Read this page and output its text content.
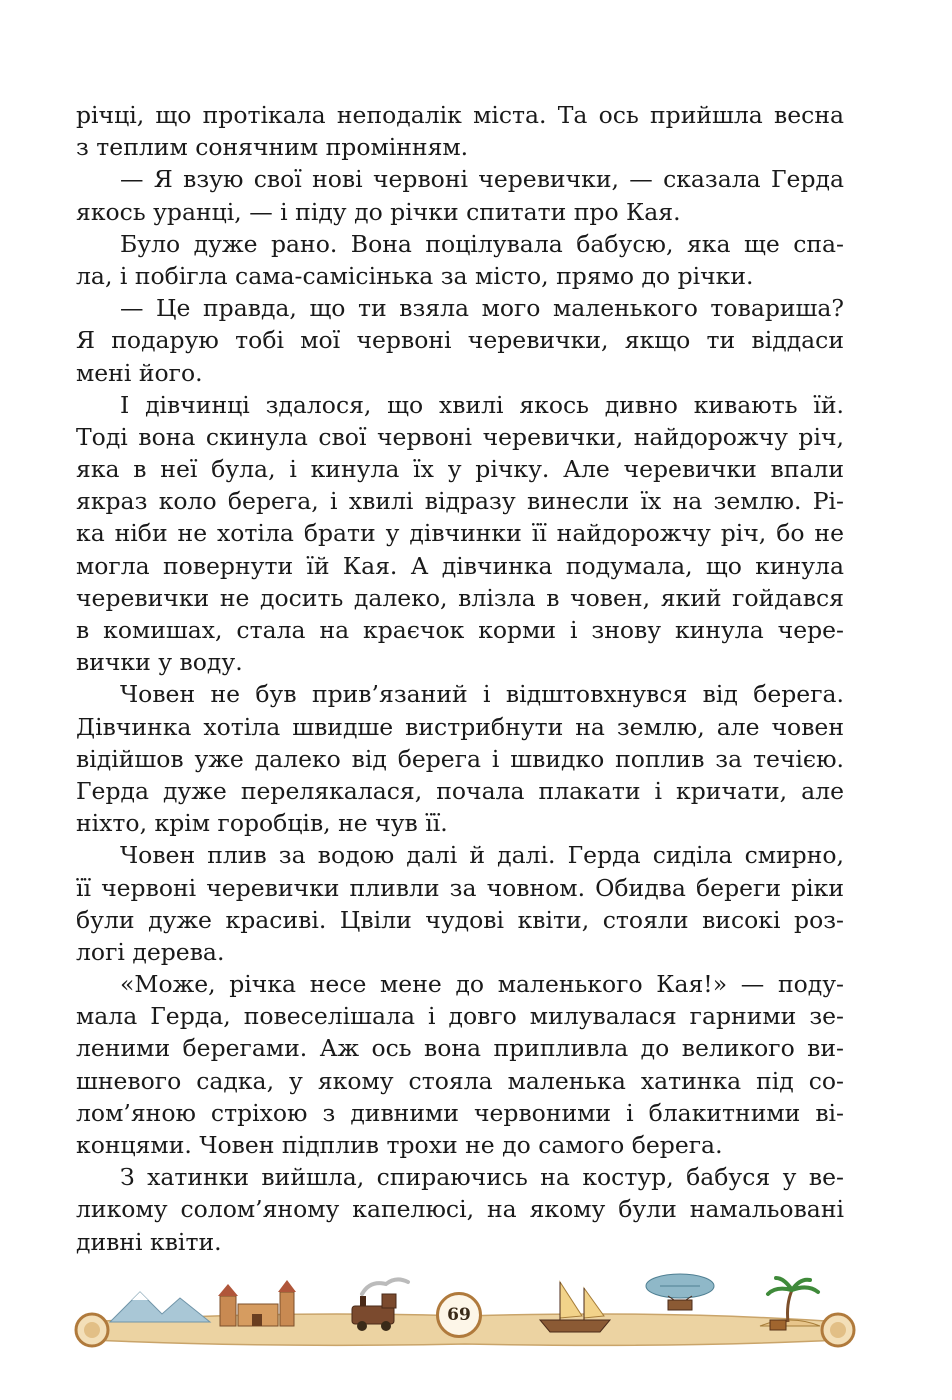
річці, що протікала неподалік міста. Та ось прийшла весна
з теплим сонячним промінням.
— Я взую свої нові червоні черевички, — сказала Герда
якось уранці, — і піду до річки спитати про Кая.
Було дуже рано. Вона поцілувала бабусю, яка ще спа-
ла, і побігла сама-самісінька за місто, прямо до річки.
— Це правда, що ти взяла мого маленького товариша?
Я подарую тобі мої червоні черевички, якщо ти віддаси
мені його.
І дівчинці здалося, що хвилі якось дивно кивають їй.
Тоді вона скинула свої червоні черевички, найдорожчу річ,
яка в неї була, і кинула їх у річку. Але черевички впали
якраз коло берега, і хвилі відразу винесли їх на землю. Рі-
ка ніби не хотіла брати у дівчинки її найдорожчу річ, бо не
могла повернути їй Кая. А дівчинка подумала, що кинула
черевички не досить далеко, влізла в човен, який гойдався
в комишах, стала на краєчок корми і знову кинула чере-
вички у воду.
Човен не був прив’язаний і відштовхнувся від берега.
Дівчинка хотіла швидше вистрибнути на землю, але човен
відійшов уже далеко від берега і швидко поплив за течією.
Герда дуже перелякалася, почала плакати і кричати, але
ніхто, крім горобців, не чув її.
Човен плив за водою далі й далі. Герда сиділа смирно,
її червоні черевички пливли за човном. Обидва береги ріки
були дуже красиві. Цвіли чудові квіти, стояли високі роз-
логі дерева.
«Може, річка несе мене до маленького Кая!» — поду-
мала Герда, повеселішала і довго милувалася гарними зе-
леними берегами. Аж ось вона припливла до великого ви-
шневого садка, у якому стояла маленька хатинка під со-
лом’яною стріхою з дивними червоними і блакитними ві-
концями. Човен підплив трохи не до самого берега.
З хатинки вийшла, спираючись на костур, бабуся у ве-
ликому солом’яному капелюсі, на якому були намальовані
дивні квіти.
69
